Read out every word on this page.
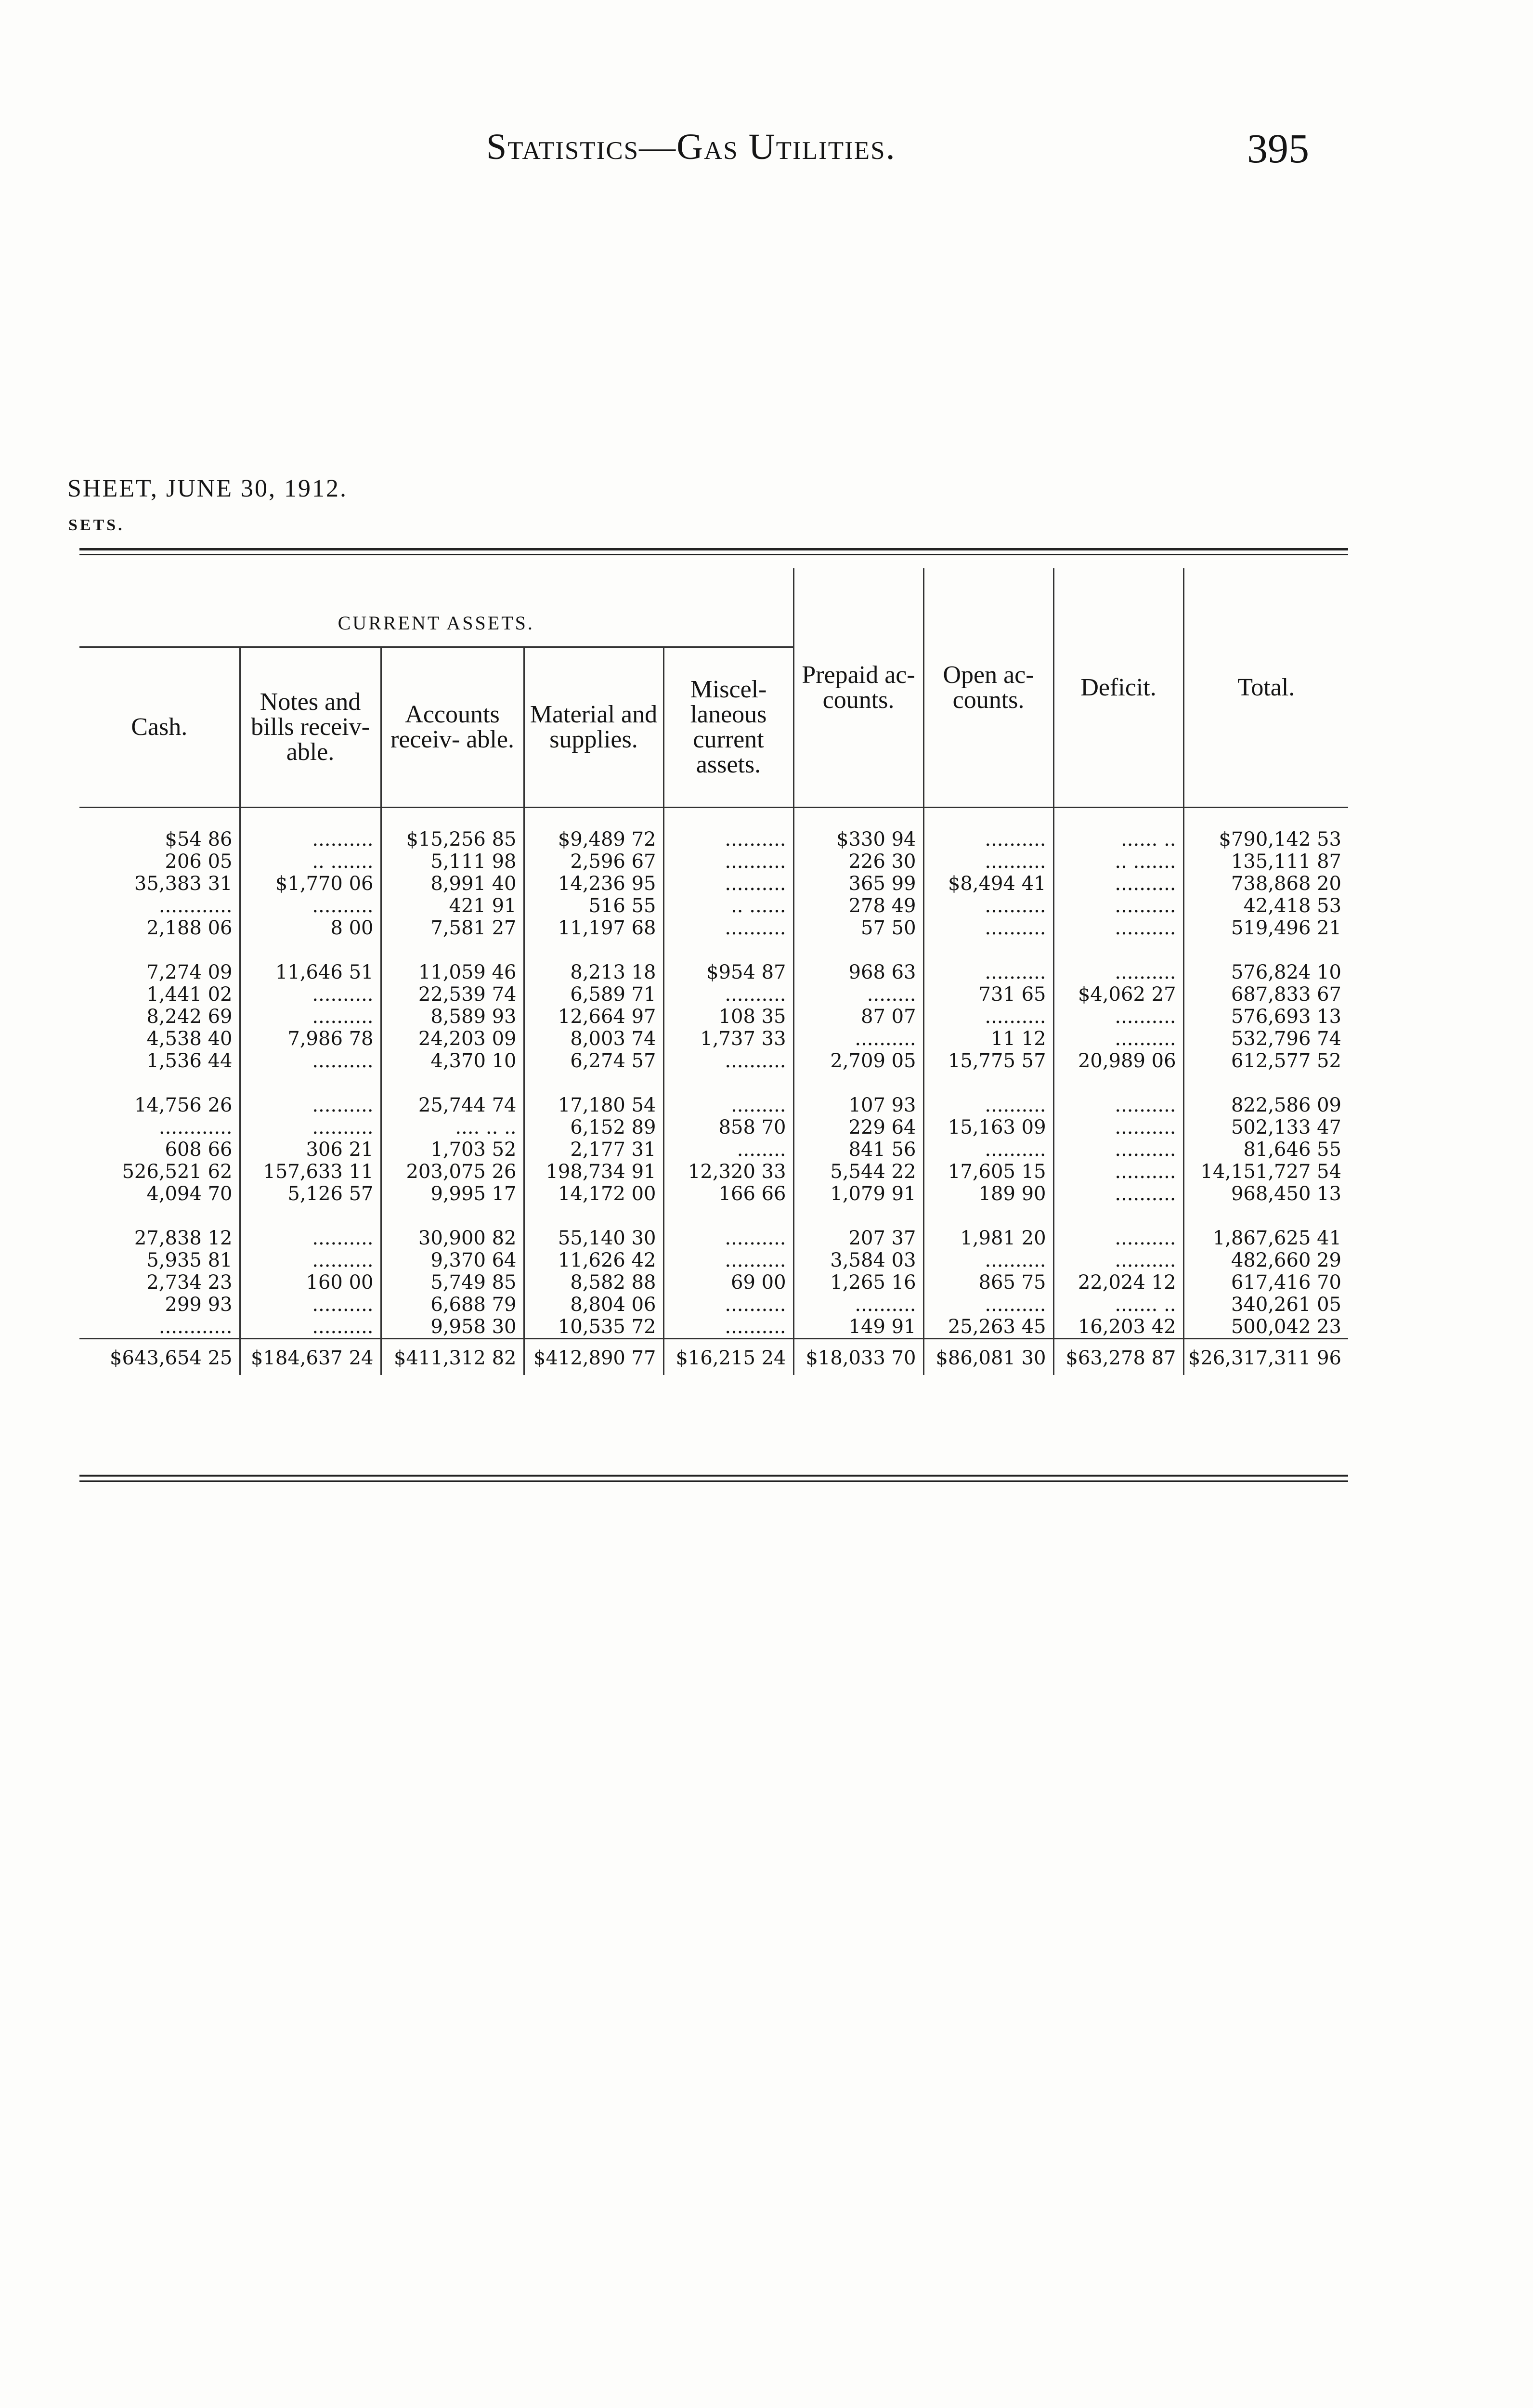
Statistics—Gas Utilities.	395
SHEET, JUNE 30, 1912.
SETS.
CURRENT ASSETS.					Prepaid ac- counts.	Open ac- counts.	Deficit.	Total.
Cash.	Notes and bills receiv- able.	Accounts receiv- able.	Material and supplies.	Miscel- laneous current assets.				

$54 86	..........	$15,256 85	$9,489 72	..........	$330 94	..........	...... ..	$790,142 53
206 05	.. .......	5,111 98	2,596 67	..........	226 30	..........	.. .......	135,111 87
35,383 31	$1,770 06	8,991 40	14,236 95	..........	365 99	$8,494 41	..........	738,868 20
............	..........	421 91	516 55	.. ......	278 49	..........	..........	42,418 53
2,188 06	8 00	7,581 27	11,197 68	..........	57 50	..........	..........	519,496 21

7,274 09	11,646 51	11,059 46	8,213 18	$954 87	968 63	..........	..........	576,824 10
1,441 02	..........	22,539 74	6,589 71	..........	........	731 65	$4,062 27	687,833 67
8,242 69	..........	8,589 93	12,664 97	108 35	87 07	..........	..........	576,693 13
4,538 40	7,986 78	24,203 09	8,003 74	1,737 33	..........	11 12	..........	532,796 74
1,536 44	..........	4,370 10	6,274 57	..........	2,709 05	15,775 57	20,989 06	612,577 52

14,756 26	..........	25,744 74	17,180 54	.........	107 93	..........	..........	822,586 09
............	..........	.... .. ..	6,152 89	858 70	229 64	15,163 09	..........	502,133 47
608 66	306 21	1,703 52	2,177 31	........	841 56	..........	..........	81,646 55
526,521 62	157,633 11	203,075 26	198,734 91	12,320 33	5,544 22	17,605 15	..........	14,151,727 54
4,094 70	5,126 57	9,995 17	14,172 00	166 66	1,079 91	189 90	..........	968,450 13

27,838 12	..........	30,900 82	55,140 30	..........	207 37	1,981 20	..........	1,867,625 41
5,935 81	..........	9,370 64	11,626 42	..........	3,584 03	..........	..........	482,660 29
2,734 23	160 00	5,749 85	8,582 88	69 00	1,265 16	865 75	22,024 12	617,416 70
299 93	..........	6,688 79	8,804 06	..........	..........	..........	....... ..	340,261 05
............	..........	9,958 30	10,535 72	..........	149 91	25,263 45	16,203 42	500,042 23
$643,654 25	$184,637 24	$411,312 82	$412,890 77	$16,215 24	$18,033 70	$86,081 30	$63,278 87	$26,317,311 96
